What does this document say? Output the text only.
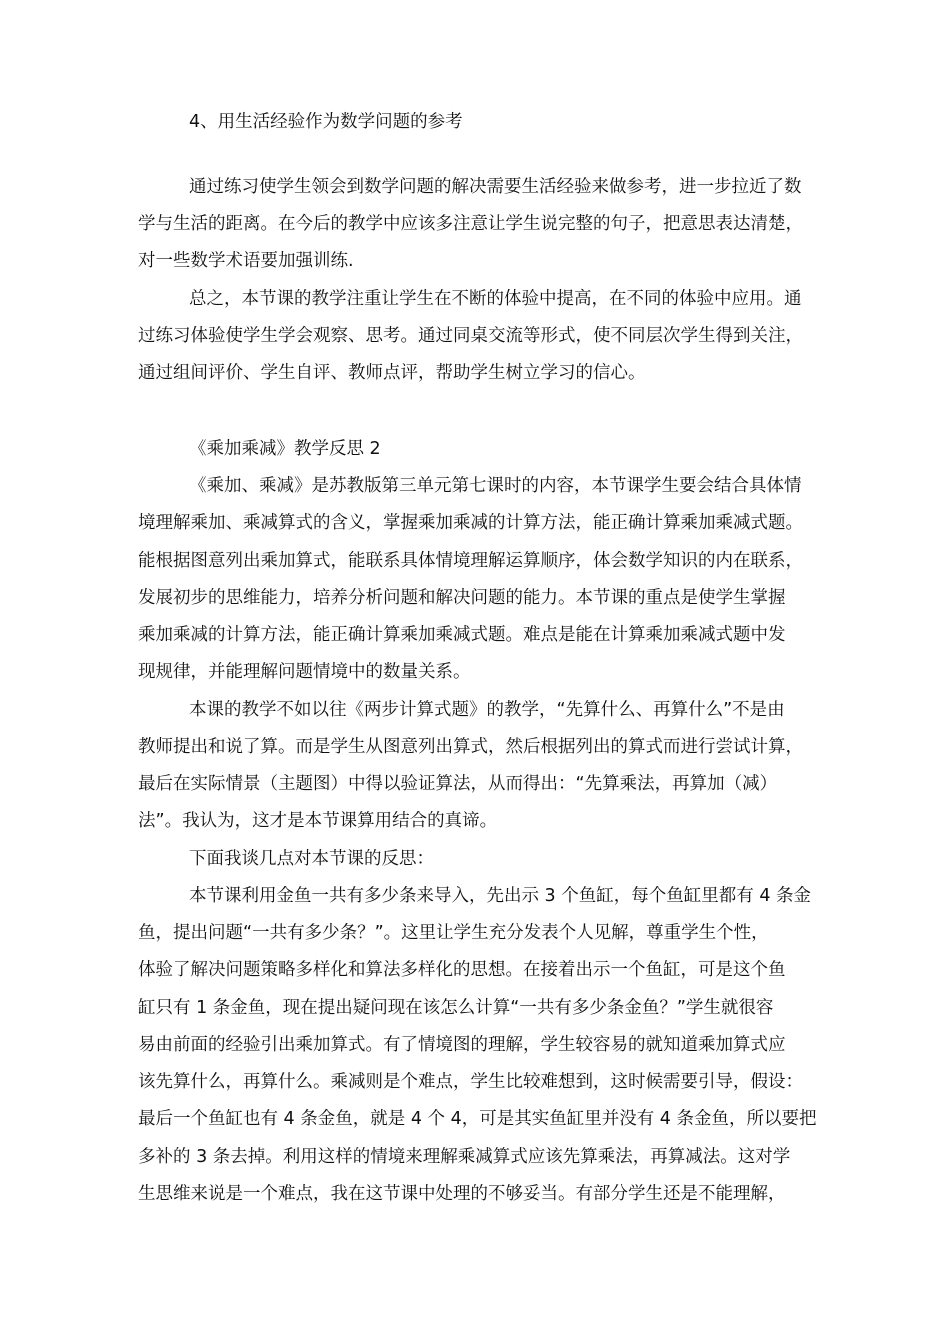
4、用生活经验作为数学问题的参考
通过练习使学生领会到数学问题的解决需要生活经验来做参考，进一步拉近了数
学与生活的距离。在今后的教学中应该多注意让学生说完整的句子，把意思表达清楚，
对一些数学术语要加强训练.
总之，本节课的教学注重让学生在不断的体验中提高，在不同的体验中应用。通
过练习体验使学生学会观察、思考。通过同桌交流等形式，使不同层次学生得到关注，
通过组间评价、学生自评、教师点评，帮助学生树立学习的信心。
《乘加乘减》教学反思 2
《乘加、乘减》是苏教版第三单元第七课时的内容，本节课学生要会结合具体情
境理解乘加、乘减算式的含义，掌握乘加乘减的计算方法，能正确计算乘加乘减式题。
能根据图意列出乘加算式，能联系具体情境理解运算顺序，体会数学知识的内在联系，
发展初步的思维能力，培养分析问题和解决问题的能力。本节课的重点是使学生掌握
乘加乘减的计算方法，能正确计算乘加乘减式题。难点是能在计算乘加乘减式题中发
现规律，并能理解问题情境中的数量关系。
本课的教学不如以往《两步计算式题》的教学，“先算什么、再算什么”不是由
教师提出和说了算。而是学生从图意列出算式，然后根据列出的算式而进行尝试计算，
最后在实际情景（主题图）中得以验证算法，从而得出：“先算乘法，再算加（减）
法”。我认为，这才是本节课算用结合的真谛。
下面我谈几点对本节课的反思：
本节课利用金鱼一共有多少条来导入，先出示 3 个鱼缸，每个鱼缸里都有 4 条金
鱼，提出问题“一共有多少条？”。这里让学生充分发表个人见解，尊重学生个性，
体验了解决问题策略多样化和算法多样化的思想。在接着出示一个鱼缸，可是这个鱼
缸只有 1 条金鱼，现在提出疑问现在该怎么计算“一共有多少条金鱼？”学生就很容
易由前面的经验引出乘加算式。有了情境图的理解，学生较容易的就知道乘加算式应
该先算什么，再算什么。乘减则是个难点，学生比较难想到，这时候需要引导，假设：
最后一个鱼缸也有 4 条金鱼，就是 4 个 4，可是其实鱼缸里并没有 4 条金鱼，所以要把
多补的 3 条去掉。利用这样的情境来理解乘减算式应该先算乘法，再算减法。这对学
生思维来说是一个难点，我在这节课中处理的不够妥当。有部分学生还是不能理解，
